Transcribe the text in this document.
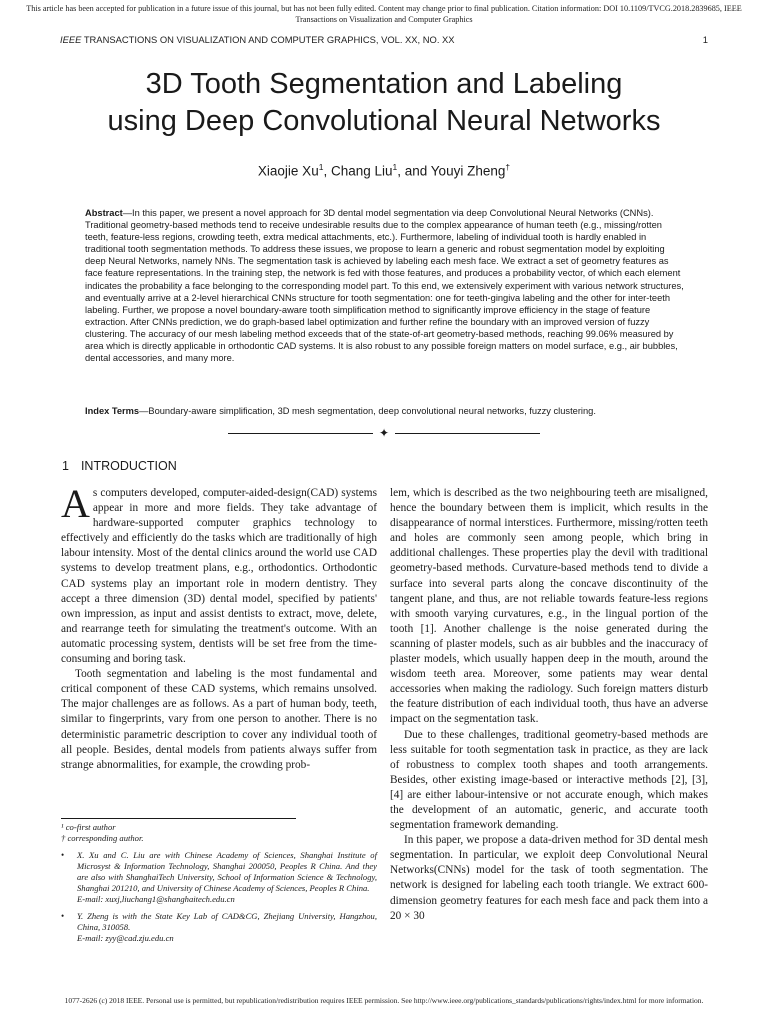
This article has been accepted for publication in a future issue of this journal, but has not been fully edited. Content may change prior to final publication. Citation information: DOI 10.1109/TVCG.2018.2839685, IEEE
Transactions on Visualization and Computer Graphics
IEEE TRANSACTIONS ON VISUALIZATION AND COMPUTER GRAPHICS, VOL. XX, NO. XX	1
3D Tooth Segmentation and Labeling
using Deep Convolutional Neural Networks
Xiaojie Xu$^1$, Chang Liu$^1$, and Youyi Zheng†
Abstract—In this paper, we present a novel approach for 3D dental model segmentation via deep Convolutional Neural Networks (CNNs). Traditional geometry-based methods tend to receive undesirable results due to the complex appearance of human teeth (e.g., missing/rotten teeth, feature-less regions, crowding teeth, extra medical attachments, etc.). Furthermore, labeling of individual tooth is hardly enabled in traditional tooth segmentation methods. To address these issues, we propose to learn a generic and robust segmentation model by exploiting deep Neural Networks, namely NNs. The segmentation task is achieved by labeling each mesh face. We extract a set of geometry features as face feature representations. In the training step, the network is fed with those features, and produces a probability vector, of which each element indicates the probability a face belonging to the corresponding model part. To this end, we extensively experiment with various network structures, and eventually arrive at a 2-level hierarchical CNNs structure for tooth segmentation: one for teeth-gingiva labeling and the other for inter-teeth labeling. Further, we propose a novel boundary-aware tooth simplification method to significantly improve efficiency in the stage of feature extraction. After CNNs prediction, we do graph-based label optimization and further refine the boundary with an improved version of fuzzy clustering. The accuracy of our mesh labeling method exceeds that of the state-of-art geometry-based methods, reaching 99.06% measured by area which is directly applicable in orthodontic CAD systems. It is also robust to any possible foreign matters on model surface, e.g., air bubbles, dental accessories, and many more.
Index Terms—Boundary-aware simplification, 3D mesh segmentation, deep convolutional neural networks, fuzzy clustering.
✦
1 INTRODUCTION

As computers developed, computer-aided-design(CAD) systems appear in more and more fields. They take advantage of hardware-supported computer graphics technology to effectively and efficiently do the tasks which are traditionally of high labour intensity. Most of the dental clinics around the world use CAD systems to develop treatment plans, e.g., orthodontics. Orthodontic CAD systems play an important role in modern dentistry. They accept a three dimension (3D) dental model, specified by patients' own impression, as input and assist dentists to extract, move, delete, and rearrange teeth for simulating the treatment's outcome. With an automatic processing system, dentists will be set free from the time-consuming and boring task.

Tooth segmentation and labeling is the most fundamental and critical component of these CAD systems, which remains unsolved. The major challenges are as follows. As a part of human body, teeth, similar to fingerprints, vary from one person to another. There is no deterministic parametric description to cover any individual tooth of all people. Besides, dental models from patients always suffer from strange abnormalities, for example, the crowding prob-

¹ co-first author
† corresponding author.
• X. Xu and C. Liu are with Chinese Academy of Sciences, Shanghai Institute of Microsyst & Information Technology, Shanghai 200050, Peoples R China. And they are also with ShanghaiTech University, School of Information Science & Technology, Shanghai 201210, and University of Chinese Academy of Sciences, Peoples R China.
E-mail: xuxj,liuchang1@shanghaitech.edu.cn
• Y. Zheng is with the State Key Lab of CAD&CG, Zhejiang University, Hangzhou, China, 310058.
E-mail: zyy@cad.zju.edu.cn

lem, which is described as the two neighbouring teeth are misaligned, hence the boundary between them is implicit, which results in the disappearance of normal interstices. Furthermore, missing/rotten teeth and holes are commonly seen among people, which bring in additional challenges. These properties play the devil with traditional geometry-based methods. Curvature-based methods tend to divide a surface into several parts along the concave discontinuity of the tangent plane, and thus, are not reliable towards feature-less regions with smooth varying curvatures, e.g., in the lingual portion of the tooth [1]. Another challenge is the noise generated during the scanning of plaster models, such as air bubbles and the inaccuracy of plaster models, which usually happen deep in the mouth, around the wisdom teeth area. Moreover, some patients may wear dental accessories when making the radiology. Such foreign matters disturb the feature distribution of each individual tooth, thus have an adverse impact on the segmentation task.

Due to these challenges, traditional geometry-based methods are less suitable for tooth segmentation task in practice, as they are lack of robustness to complex tooth shapes and tooth arrangements. Besides, other existing image-based or interactive methods [2], [3], [4] are either labour-intensive or not accurate enough, which makes the development of an automatic, generic, and accurate tooth segmentation framework demanding.

In this paper, we propose a data-driven method for 3D dental mesh segmentation. In particular, we exploit deep Convolutional Neural Networks(CNNs) model for the task of tooth segmentation. The network is designed for labeling each tooth triangle. We extract 600-dimension geometry features for each mesh face and pack them into a 20 × 30

1077-2626 (c) 2018 IEEE. Personal use is permitted, but republication/redistribution requires IEEE permission. See http://www.ieee.org/publications_standards/publications/rights/index.html for more information.
